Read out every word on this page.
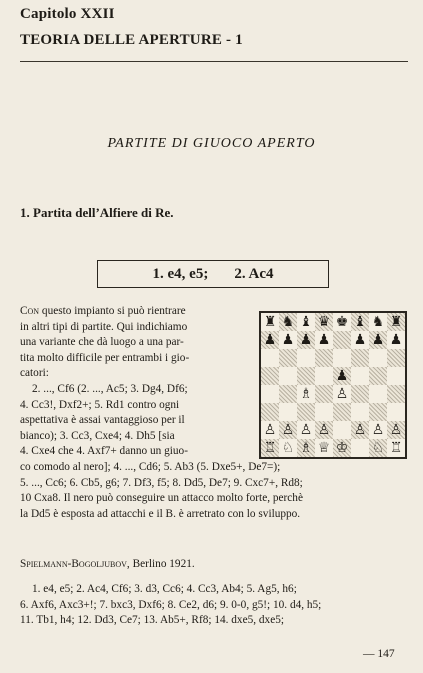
Capitolo XXII
TEORIA DELLE APERTURE - 1
PARTITE DI GIUOCO APERTO
1. Partita dell’Alfiere di Re.
1. e4, e5; 2. Ac4
Con questo impianto si può rientrare
in altri tipi di partite. Qui indichiamo
una variante che dà luogo a una par-
tita molto difficile per entrambi i gio-
catori:
2. ..., Cf6 (2. ..., Ac5; 3. Dg4, Df6;
4. Cc3!, Dxf2+; 5. Rd1 contro ogni
aspettativa è assai vantaggioso per il
bianco); 3. Cc3, Cxe4; 4. Dh5 [sia
4. Cxe4 che 4. Axf7+ danno un giuo-
co comodo al nero]; 4. ..., Cd6; 5. Ab3 (5. Dxe5+, De7=);
5. ..., Cc6; 6. Cb5, g6; 7. Df3, f5; 8. Dd5, De7; 9. Cxc7+, Rd8;
10 Cxa8. Il nero può conseguire un attacco molto forte, perchè
la Dd5 è esposta ad attacchi e il B. è arretrato con lo sviluppo.
Spielmann-Bogoljubov, Berlino 1921.
1. e4, e5; 2. Ac4, Cf6; 3. d3, Cc6; 4. Cc3, Ab4; 5. Ag5, h6;
6. Axf6, Axc3+!; 7. bxc3, Dxf6; 8. Ce2, d6; 9. 0-0, g5!; 10. d4, h5;
11. Tb1, h4; 12. Dd3, Ce7; 13. Ab5+, Rf8; 14. dxe5, dxe5;
— 147
♜ ♞ ♝ ♛ ♚ ♝ ♞ ♜
♟ ♟ ♟ ♟ ♟ ♟ ♟
♟
♗ ♙
♙ ♙ ♙ ♙ ♙ ♙ ♙
♖ ♘ ♗ ♕ ♔ ♘ ♖
